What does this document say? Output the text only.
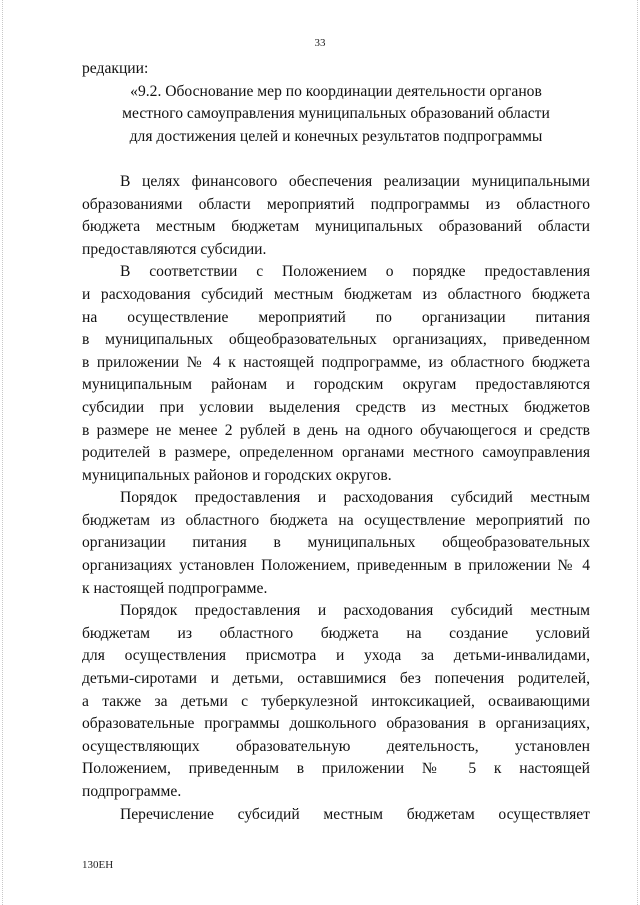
33
редакции:
«9.2. Обоснование мер по координации деятельности органов
местного самоуправления муниципальных образований области
для достижения целей и конечных результатов подпрограммы
В целях финансового обеспечения реализации муниципальными
образованиями области мероприятий подпрограммы из областного
бюджета местным бюджетам муниципальных образований области
предоставляются субсидии.
В соответствии с Положением о порядке предоставления
и расходования субсидий местным бюджетам из областного бюджета
на осуществление мероприятий по организации питания
в муниципальных общеобразовательных организациях, приведенном
в приложении № 4 к настоящей подпрограмме, из областного бюджета
муниципальным районам и городским округам предоставляются
субсидии при условии выделения средств из местных бюджетов
в размере не менее 2 рублей в день на одного обучающегося и средств
родителей в размере, определенном органами местного самоуправления
муниципальных районов и городских округов.
Порядок предоставления и расходования субсидий местным
бюджетам из областного бюджета на осуществление мероприятий по
организации питания в муниципальных общеобразовательных
организациях установлен Положением, приведенным в приложении № 4
к настоящей подпрограмме.
Порядок предоставления и расходования субсидий местным
бюджетам из областного бюджета на создание условий
для осуществления присмотра и ухода за детьми-инвалидами,
детьми-сиротами и детьми, оставшимися без попечения родителей,
а также за детьми с туберкулезной интоксикацией, осваивающими
образовательные программы дошкольного образования в организациях,
осуществляющих образовательную деятельность, установлен
Положением, приведенным в приложении № 5 к настоящей
подпрограмме.
Перечисление субсидий местным бюджетам осуществляет
130ЕН
